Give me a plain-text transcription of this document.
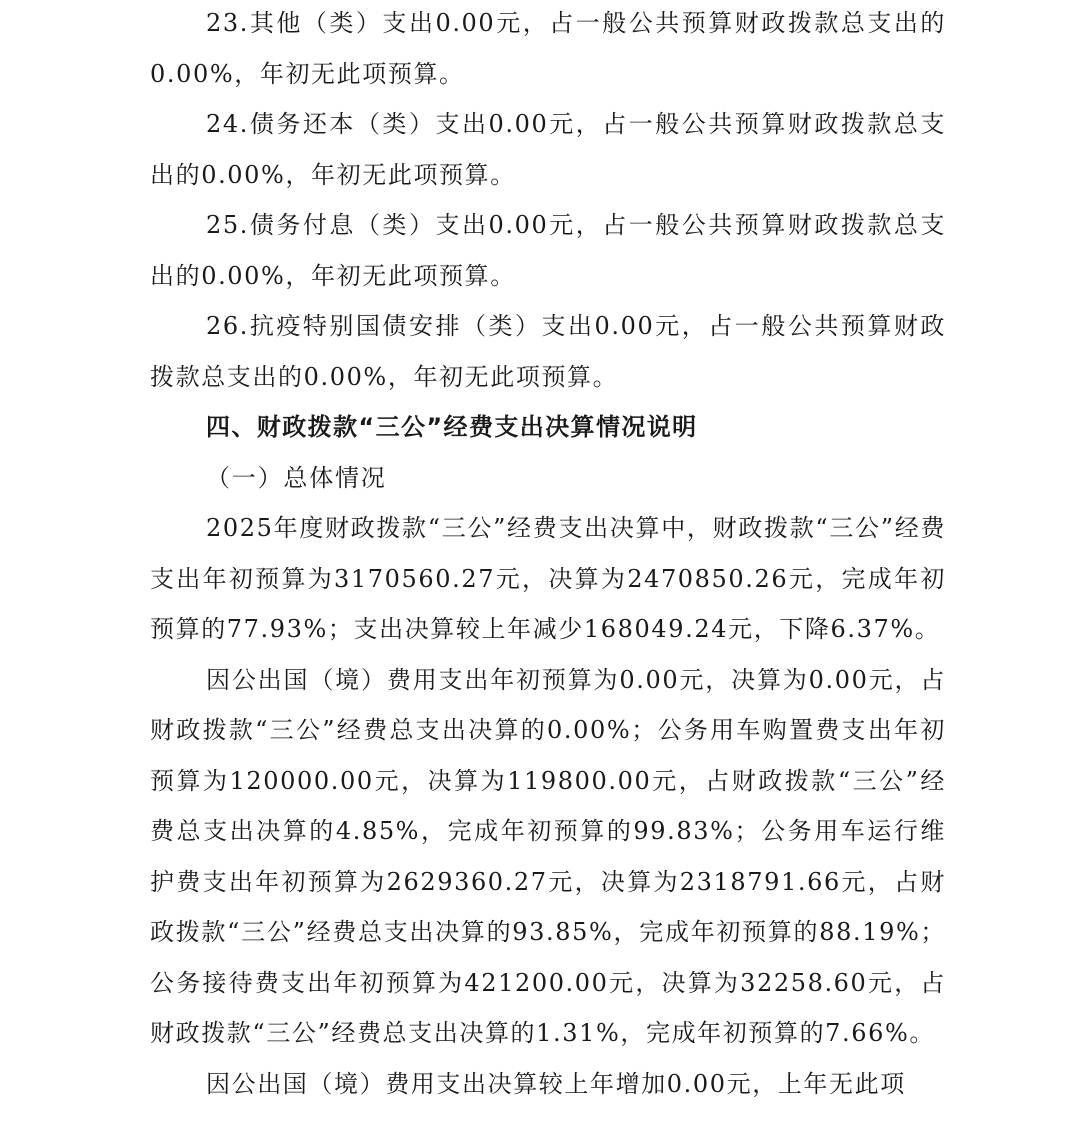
23.其他（类）支出0.00元，占一般公共预算财政拨款总支出的0.00%，年初无此项预算。

24.债务还本（类）支出0.00元，占一般公共预算财政拨款总支出的0.00%，年初无此项预算。

25.债务付息（类）支出0.00元，占一般公共预算财政拨款总支出的0.00%，年初无此项预算。

26.抗疫特别国债安排（类）支出0.00元，占一般公共预算财政拨款总支出的0.00%，年初无此项预算。

四、财政拨款“三公”经费支出决算情况说明

（一）总体情况

2025年度财政拨款“三公”经费支出决算中，财政拨款“三公”经费支出年初预算为3170560.27元，决算为2470850.26元，完成年初预算的77.93%；支出决算较上年减少168049.24元，下降6.37%。

因公出国（境）费用支出年初预算为0.00元，决算为0.00元，占财政拨款“三公”经费总支出决算的0.00%；公务用车购置费支出年初预算为120000.00元，决算为119800.00元，占财政拨款“三公”经费总支出决算的4.85%，完成年初预算的99.83%；公务用车运行维护费支出年初预算为2629360.27元，决算为2318791.66元，占财政拨款“三公”经费总支出决算的93.85%，完成年初预算的88.19%；公务接待费支出年初预算为421200.00元，决算为32258.60元，占财政拨款“三公”经费总支出决算的1.31%，完成年初预算的7.66%。

因公出国（境）费用支出决算较上年增加0.00元，上年无此项
